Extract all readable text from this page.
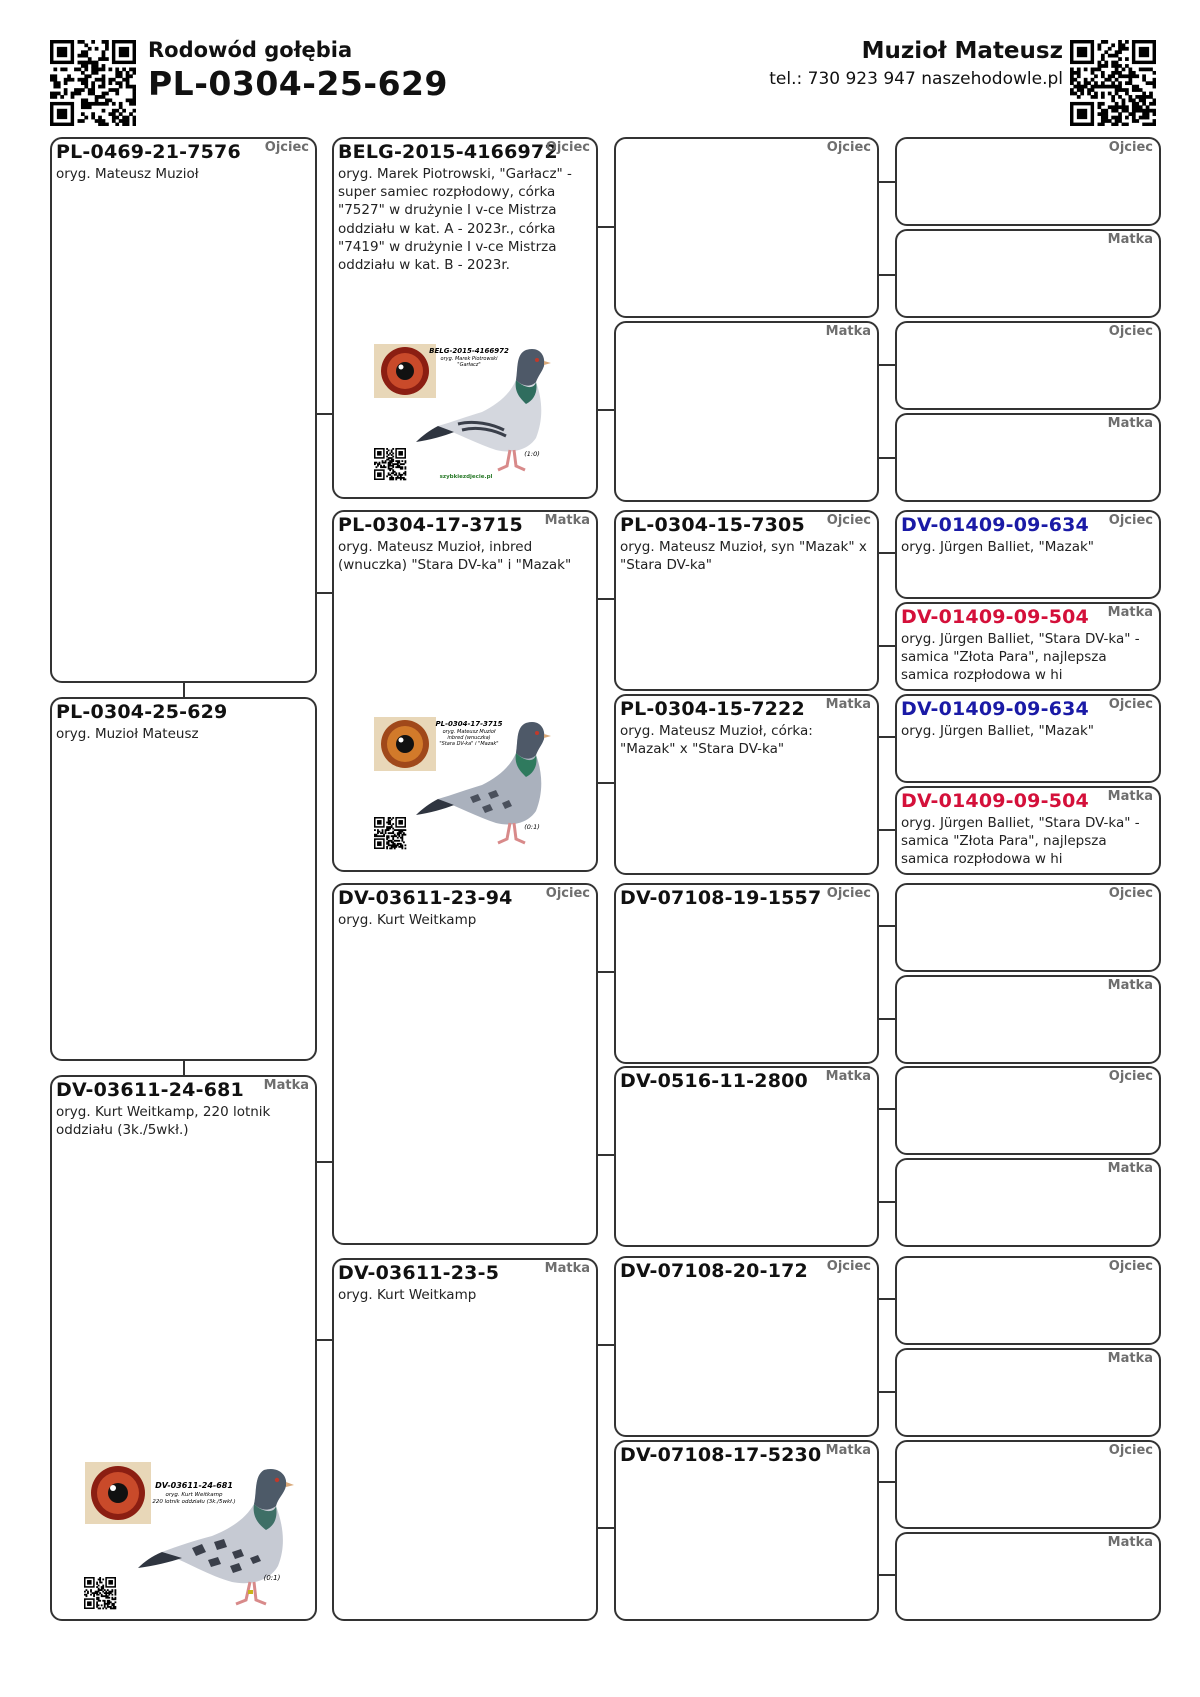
Rodowód gołębia
PL-0304-25-629
Muzioł Mateusz
tel.: 730 923 947 naszehodowle.pl
PL-0469-21-7576 Ojciec
oryg. Mateusz Muzioł
PL-0304-25-629
oryg. Muzioł Mateusz
DV-03611-24-681 Matka
oryg. Kurt Weitkamp, 220 lotnik oddziału (3k./5wkł.)
DV-03611-24-681
oryg. Kurt Weitkamp
220 lotnik oddziału (3k./5wkł.)
(0:1)
BELG-2015-4166972
Ojciec
oryg. Marek Piotrowski, "Garłacz" - super samiec rozpłodowy, córka "7527" w drużynie I v-ce Mistrza oddziału w kat. A - 2023r., córka "7419" w drużynie I v-ce Mistrza oddziału w kat. B - 2023r.
BELG-2015-4166972
oryg. Marek Piotrowski
"Garłacz"
(1:0)
szybkiezdjecie.pl
PL-0304-17-3715 Matka
oryg. Mateusz Muzioł, inbred (wnuczka) "Stara DV-ka" i "Mazak"
PL-0304-17-3715
oryg. Mateusz Muzioł
inbred (wnuczka)
"Stara DV-ka" i "Mazak"
(0:1)
DV-03611-23-94	Ojciec
oryg. Kurt Weitkamp
DV-03611-23-5	Matka
oryg. Kurt Weitkamp
Ojciec
Matka
PL-0304-15-7305 Ojciec
oryg. Mateusz Muzioł, syn "Mazak" x "Stara DV-ka"
PL-0304-15-7222 Matka
oryg. Mateusz Muzioł, córka: "Mazak" x "Stara DV-ka"
DV-07108-19-1557 Ojciec
DV-0516-11-2800 Matka
DV-07108-20-172 Ojciec
DV-07108-17-5230 Matka
Ojciec
Matka
Ojciec
Matka
DV-01409-09-634 Ojciec
oryg. Jürgen Balliet, "Mazak"
DV-01409-09-504 Matka
oryg. Jürgen Balliet, "Stara DV-ka" - samica "Złota Para", najlepsza samica rozpłodowa w hi
DV-01409-09-634 Ojciec
oryg. Jürgen Balliet, "Mazak"
DV-01409-09-504 Matka
oryg. Jürgen Balliet, "Stara DV-ka" - samica "Złota Para", najlepsza samica rozpłodowa w hi
Ojciec
Matka
Ojciec
Matka
Ojciec
Matka
Ojciec
Matka
